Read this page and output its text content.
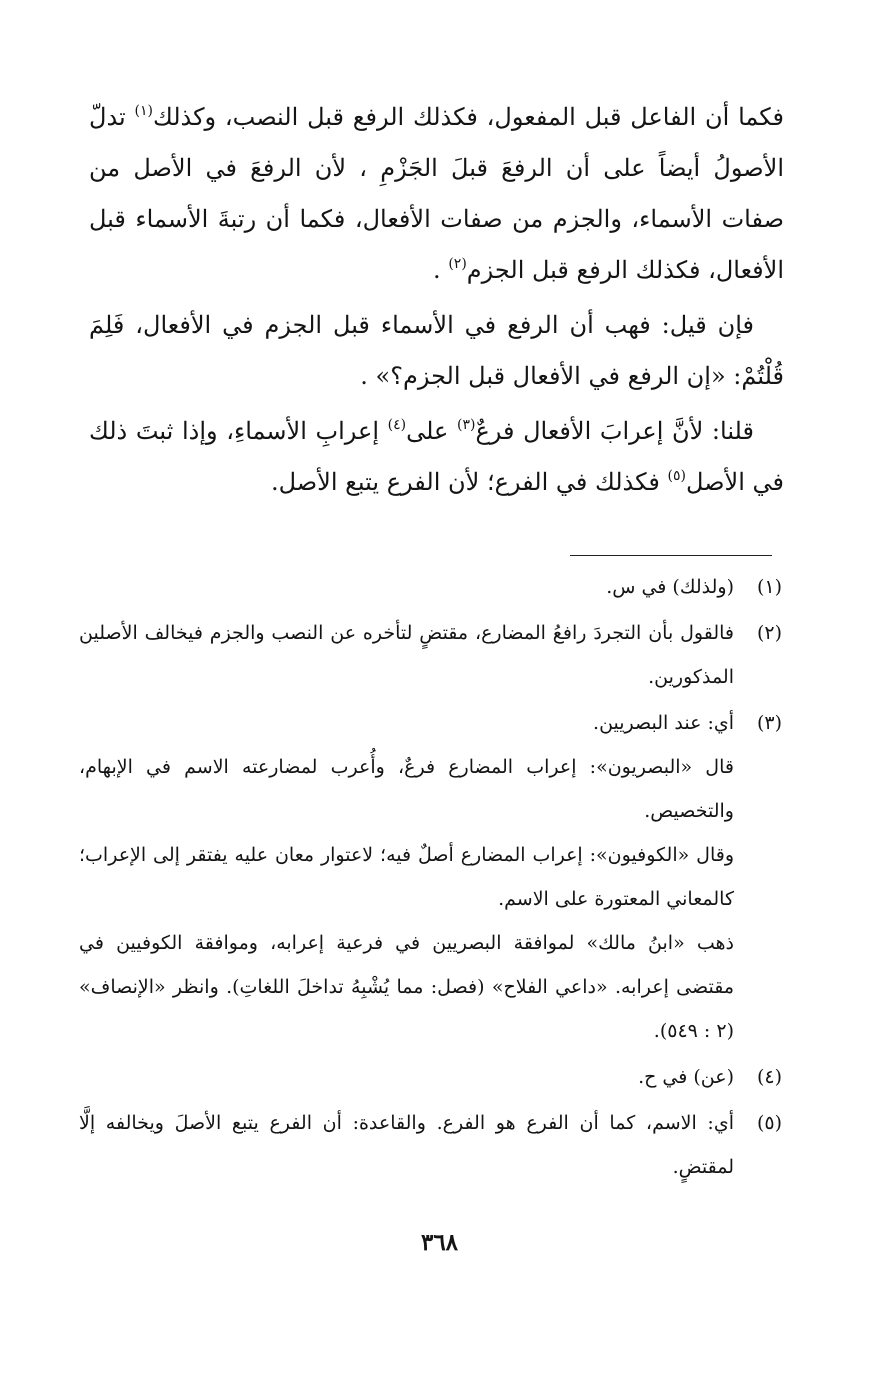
فكما أن الفاعل قبل المفعول، فكذلك الرفع قبل النصب، وكذلك$^{(١)}$ تدلّ الأصولُ أيضاً على أن الرفعَ قبلَ الجَزْمِ ، لأن الرفعَ في الأصل من صفات الأسماء، والجزم من صفات الأفعال، فكما أن رتبةَ الأسماء قبل الأفعال، فكذلك الرفع قبل الجزم$^{(٢)}$ .

فإن قيل: فهب أن الرفع في الأسماء قبل الجزم في الأفعال، فَلِمَ قُلْتُمْ: «إن الرفع في الأفعال قبل الجزم؟» .

قلنا: لأنَّ إعرابَ الأفعال فرعٌ$^{(٣)}$ على$^{(٤)}$ إعرابِ الأسماءِ، وإذا ثبتَ ذلك في الأصل$^{(٥)}$ فكذلك في الفرع؛ لأن الفرع يتبع الأصل.

(١)

(ولذلك) في س.

(٢)

فالقول بأن التجردَ رافعُ المضارع، مقتضٍ لتأخره عن النصب والجزم فيخالف الأصلين المذكورين.

(٣)

أي: عند البصريين.

قال «البصريون»: إعراب المضارع فرعٌ، وأُعرب لمضارعته الاسم في الإبهام، والتخصيص.

وقال «الكوفيون»: إعراب المضارع أصلٌ فيه؛ لاعتوار معان عليه يفتقر إلى الإعراب؛ كالمعاني المعتورة على الاسم.

ذهب «ابنُ مالك» لموافقة البصريين في فرعية إعرابه، وموافقة الكوفيين في مقتضى إعرابه. «داعي الفلاح» (فصل: مما يُشْبِهُ تداخلَ اللغاتِ). وانظر «الإنصاف» (٢ : ٥٤٩).

(٤)

(عن) في ح.

(٥)

أي: الاسم، كما أن الفرع هو الفرع. والقاعدة: أن الفرع يتبع الأصلَ ويخالفه إلَّا لمقتضٍ.

٣٦٨
